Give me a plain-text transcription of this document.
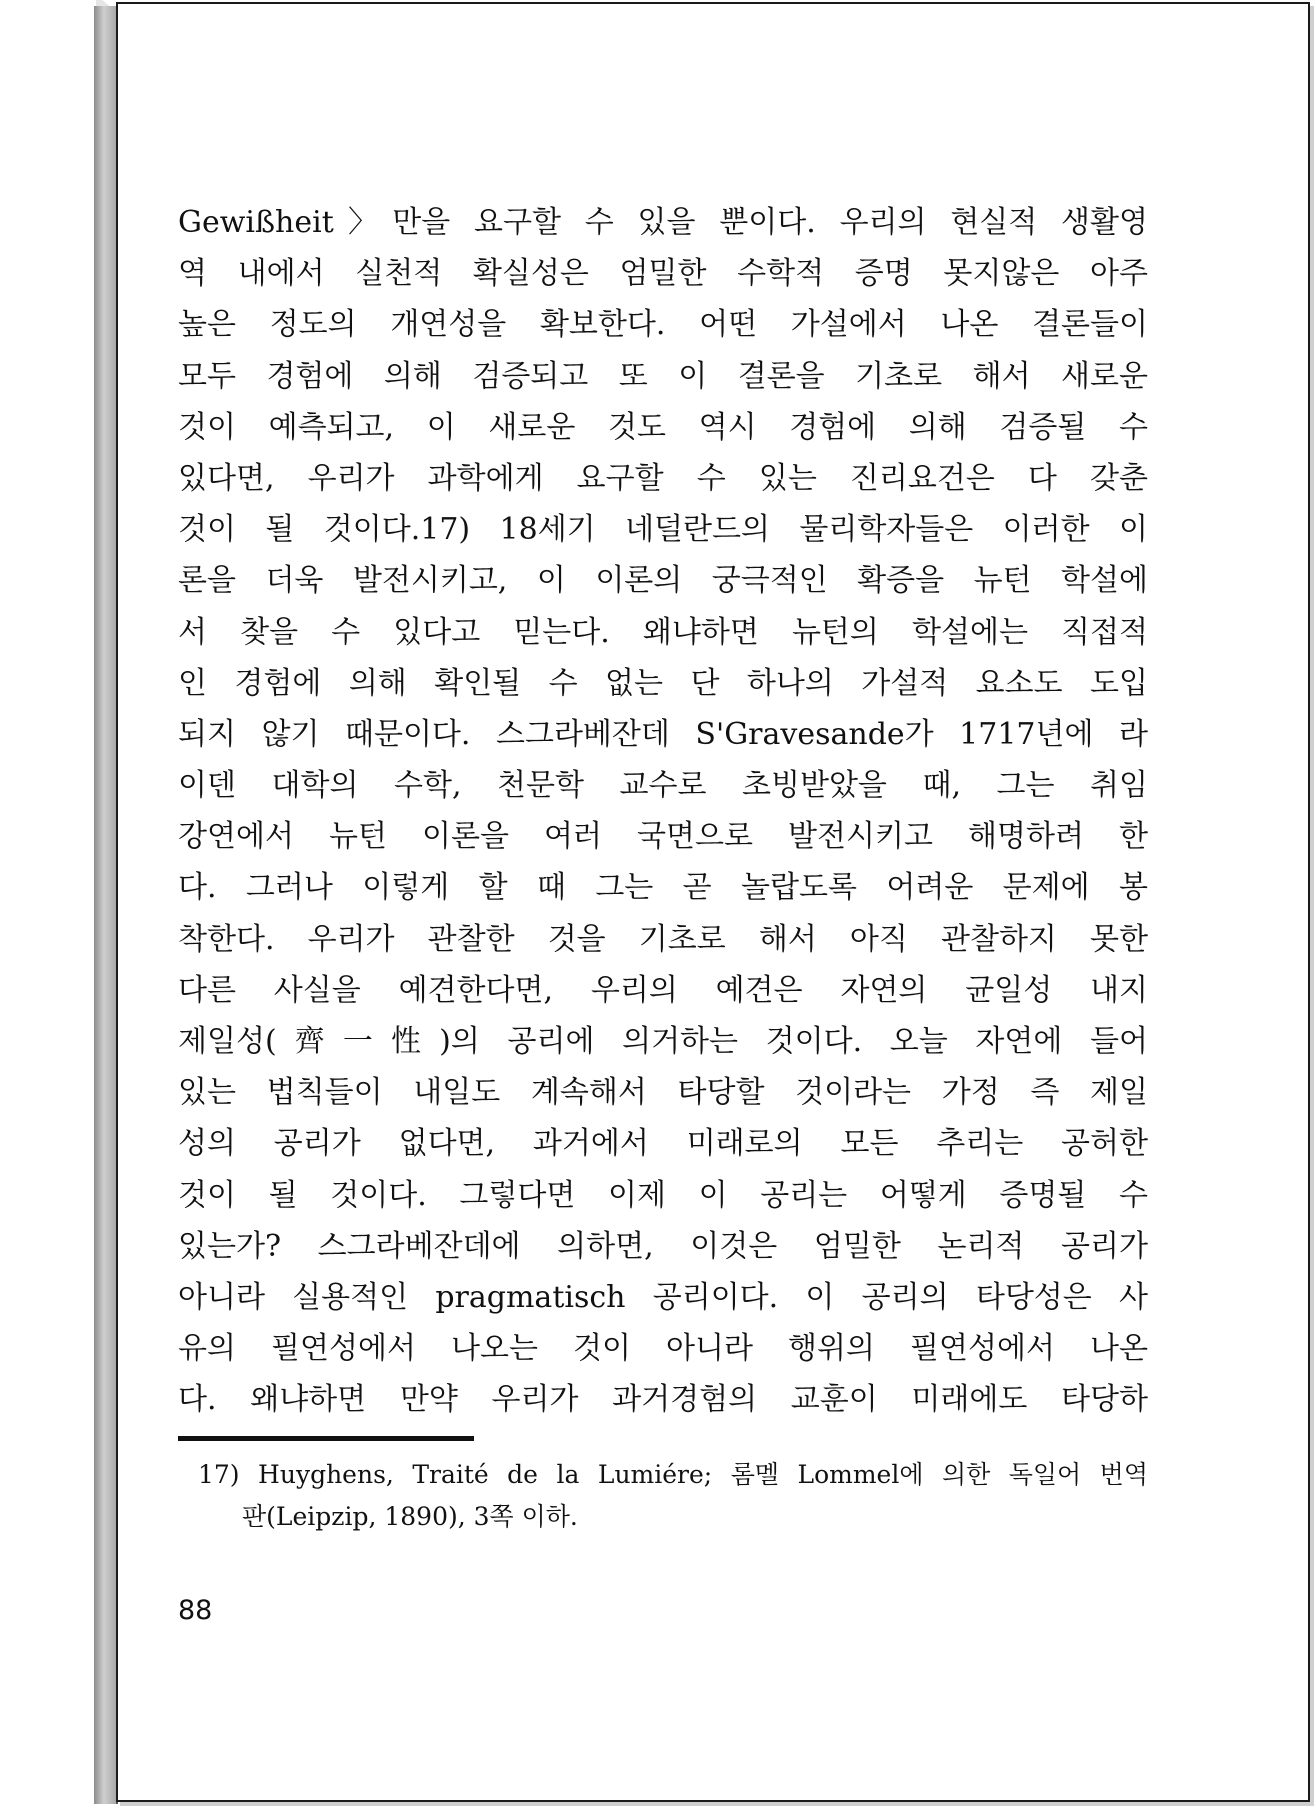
Gewißheit〉만을 요구할 수 있을 뿐이다. 우리의 현실적 생활영
역 내에서 실천적 확실성은 엄밀한 수학적 증명 못지않은 아주
높은 정도의 개연성을 확보한다. 어떤 가설에서 나온 결론들이
모두 경험에 의해 검증되고 또 이 결론을 기초로 해서 새로운
것이 예측되고, 이 새로운 것도 역시 경험에 의해 검증될 수
있다면, 우리가 과학에게 요구할 수 있는 진리요건은 다 갖춘
것이 될 것이다.17) 18세기 네덜란드의 물리학자들은 이러한 이
론을 더욱 발전시키고, 이 이론의 궁극적인 확증을 뉴턴 학설에
서 찾을 수 있다고 믿는다. 왜냐하면 뉴턴의 학설에는 직접적
인 경험에 의해 확인될 수 없는 단 하나의 가설적 요소도 도입
되지 않기 때문이다. 스그라베잔데 S'Gravesande가 1717년에 라
이덴 대학의 수학, 천문학 교수로 초빙받았을 때, 그는 취임
강연에서 뉴턴 이론을 여러 국면으로 발전시키고 해명하려 한
다. 그러나 이렇게 할 때 그는 곧 놀랍도록 어려운 문제에 봉
착한다. 우리가 관찰한 것을 기초로 해서 아직 관찰하지 못한
다른 사실을 예견한다면, 우리의 예견은 자연의 균일성 내지
제일성(齊一性)의 공리에 의거하는 것이다. 오늘 자연에 들어
있는 법칙들이 내일도 계속해서 타당할 것이라는 가정 즉 제일
성의 공리가 없다면, 과거에서 미래로의 모든 추리는 공허한
것이 될 것이다. 그렇다면 이제 이 공리는 어떻게 증명될 수
있는가? 스그라베잔데에 의하면, 이것은 엄밀한 논리적 공리가
아니라 실용적인 pragmatisch 공리이다. 이 공리의 타당성은 사
유의 필연성에서 나오는 것이 아니라 행위의 필연성에서 나온
다. 왜냐하면 만약 우리가 과거경험의 교훈이 미래에도 타당하
17) Huyghens, Traité de la Lumiére; 롬멜 Lommel에 의한 독일어 번역
판(Leipzip, 1890), 3쪽 이하.
88
